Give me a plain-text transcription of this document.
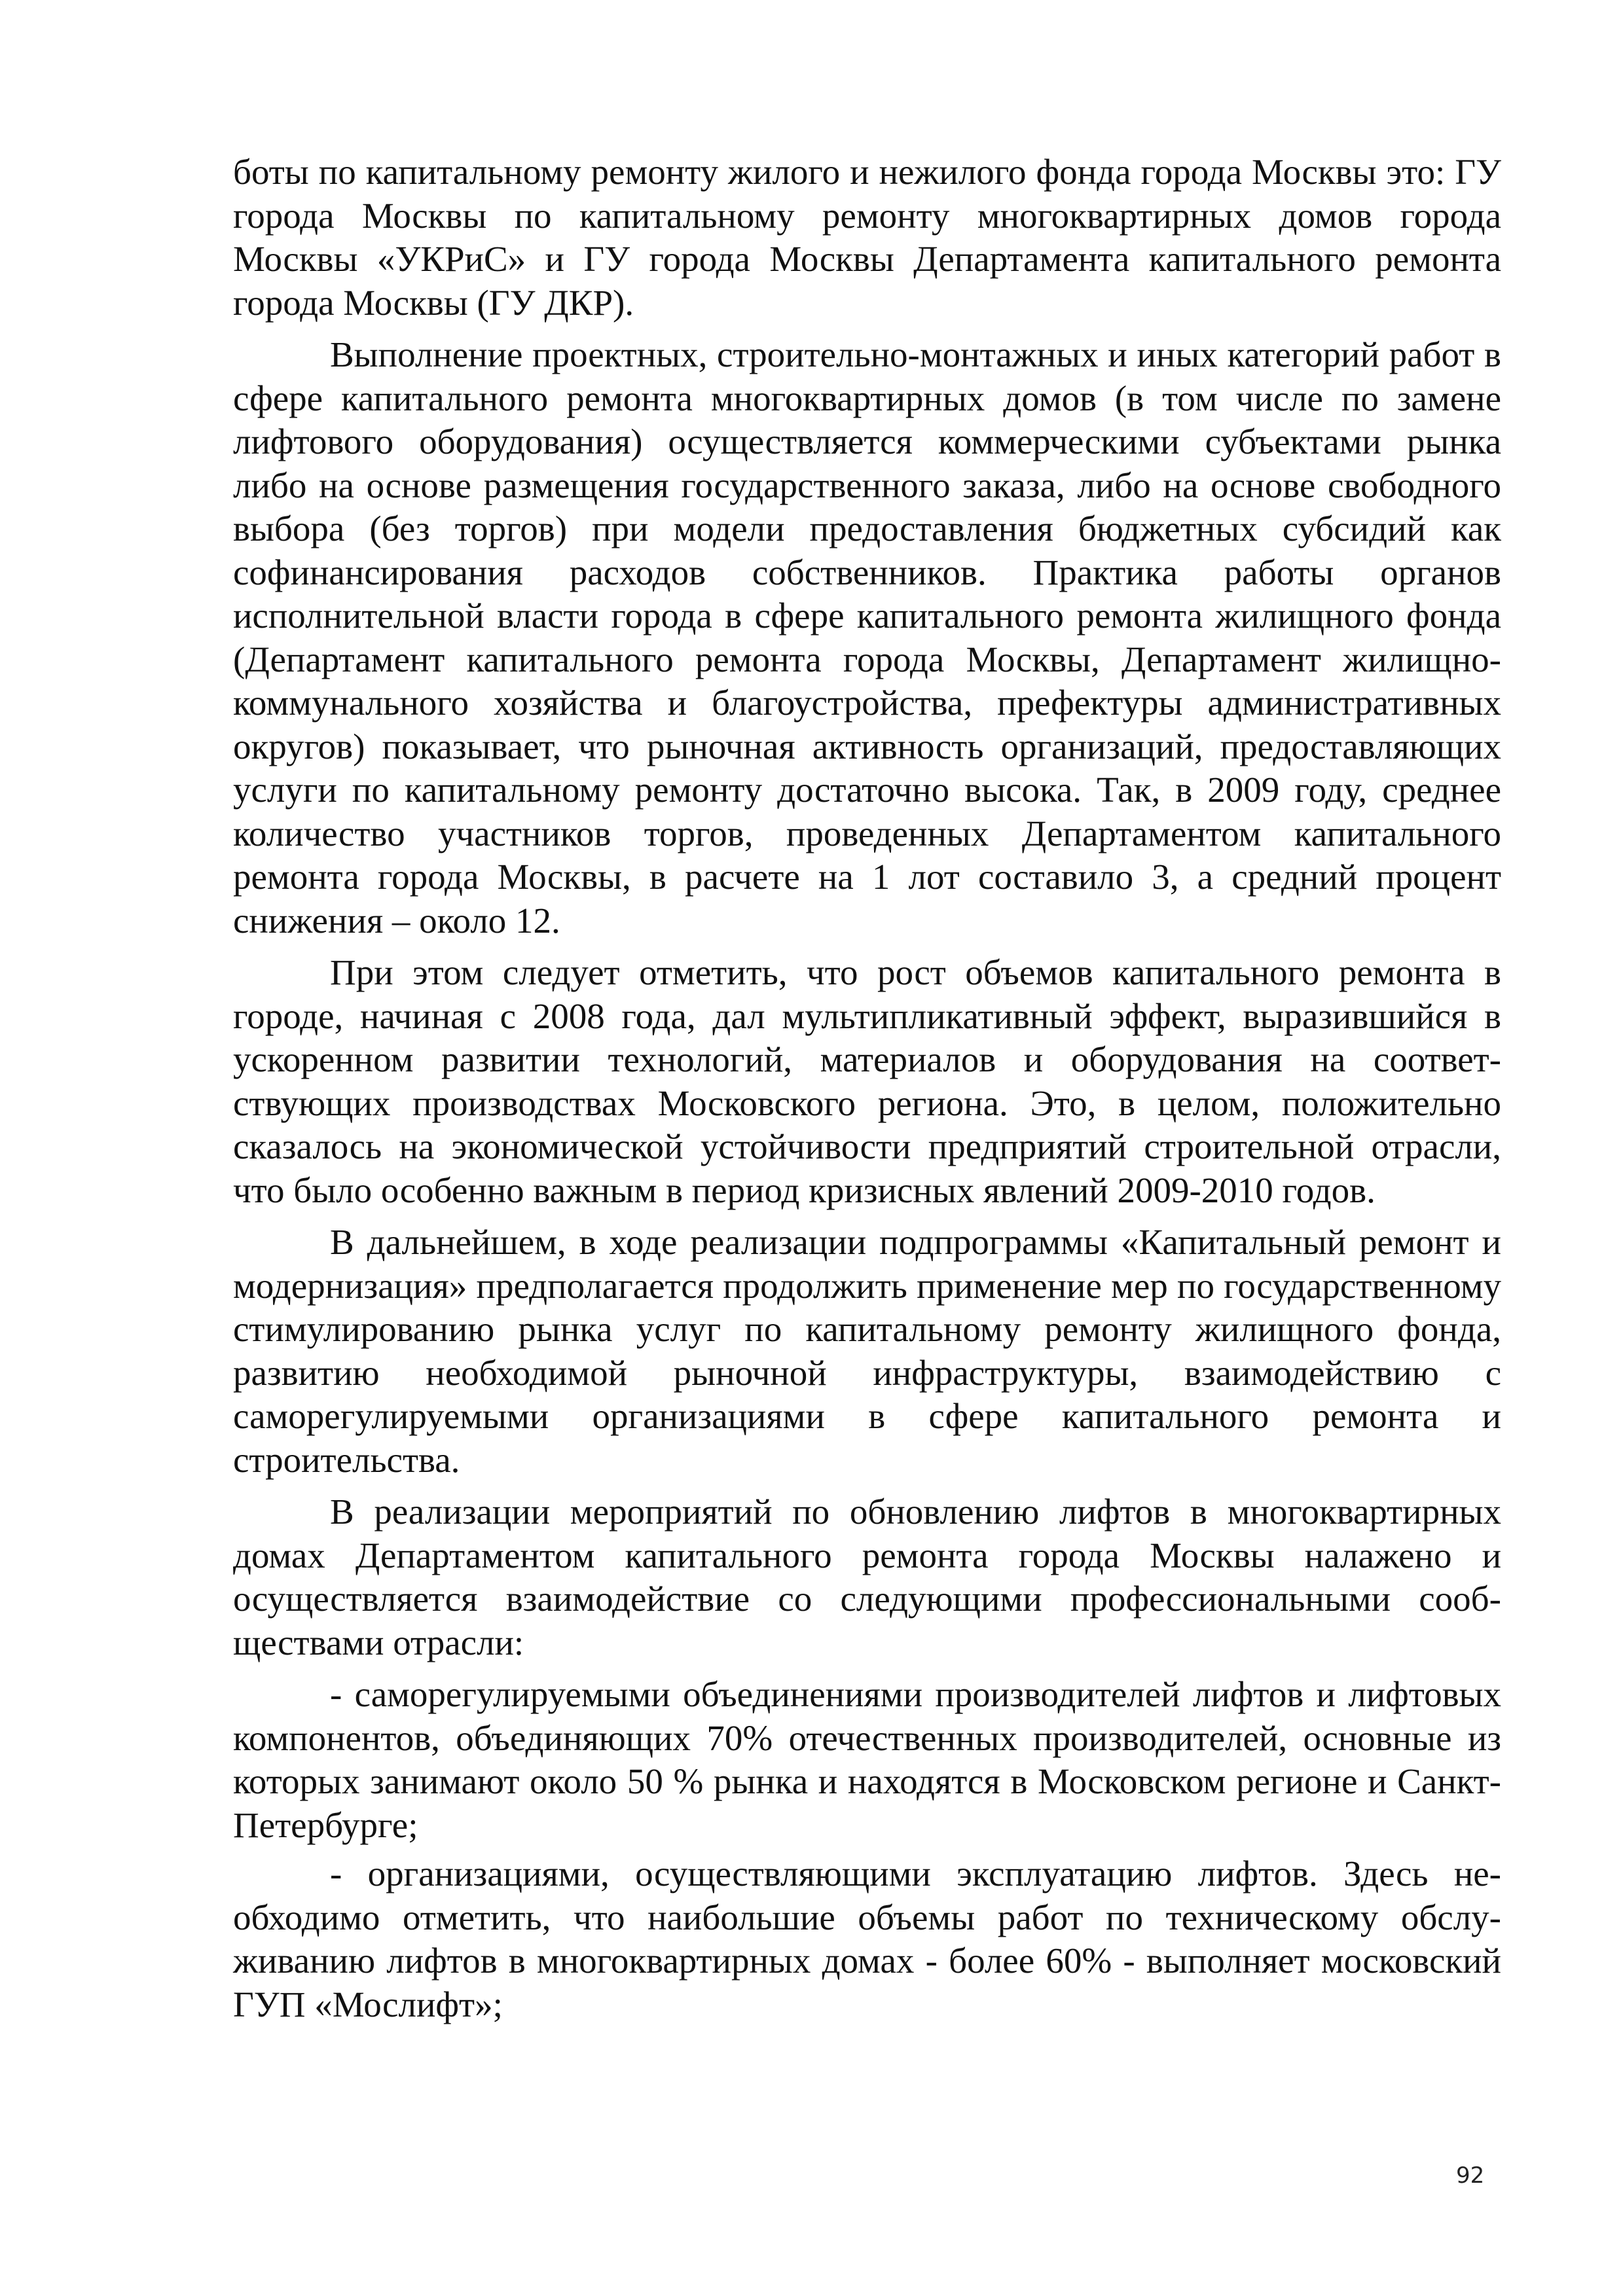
боты по капитальному ремонту жилого и нежилого фонда города Москвы это: ГУ города Москвы по капитальному ремонту многоквартирных домов города Москвы «УКРиС» и ГУ города Москвы Департамента капитального ремонта города Москвы (ГУ ДКР).

Выполнение проектных, строительно-монтажных и иных категорий работ в сфере капитального ремонта многоквартирных домов (в том числе по замене лифтового оборудования) осуществляется коммерческими субъектами рынка либо на основе размещения государственного заказа, либо на основе свободного выбора (без торгов) при модели предоставления бюджетных субсидий как софинансирования расходов собственников. Практика работы органов исполнительной власти города в сфере капитального ремонта жилищного фонда (Департамент капитального ремонта города Москвы, Департамент жилищно-коммунального хозяйства и благоустройства, префектуры административных округов) показывает, что рыночная активность организаций, предоставляющих услуги по капитальному ремонту достаточно высока. Так, в 2009 году, среднее количество участников торгов, проведенных Департаментом капитального ремонта города Москвы, в расчете на 1 лот составило 3, а средний процент снижения – около 12.

При этом следует отметить, что рост объемов капитального ремонта в городе, начиная с 2008 года, дал мультипликативный эффект, выразившийся в ускоренном развитии технологий, материалов и оборудования на соответствующих производствах Московского региона. Это, в целом, положительно сказалось на экономической устойчивости предприятий строительной отрасли, что было особенно важным в период кризисных явлений 2009-2010 годов.

В дальнейшем, в ходе реализации подпрограммы «Капитальный ремонт и модернизация» предполагается продолжить применение мер по государственному стимулированию рынка услуг по капитальному ремонту жилищного фонда, развитию необходимой рыночной инфраструктуры, взаимодействию с саморегулируемыми организациями в сфере капитального ремонта и строительства.

В реализации мероприятий по обновлению лифтов в многоквартирных домах Департаментом капитального ремонта города Москвы налажено и осуществляется взаимодействие со следующими профессиональными сообществами отрасли:

- саморегулируемыми объединениями производителей лифтов и лифтовых компонентов, объединяющих 70% отечественных производителей, основные из которых занимают около 50 % рынка и находятся в Московском регионе и Санкт-Петербурге;

- организациями, осуществляющими эксплуатацию лифтов. Здесь необходимо отметить, что наибольшие объемы работ по техническому обслуживанию лифтов в многоквартирных домах - более 60% - выполняет московский ГУП «Мослифт»;

92
